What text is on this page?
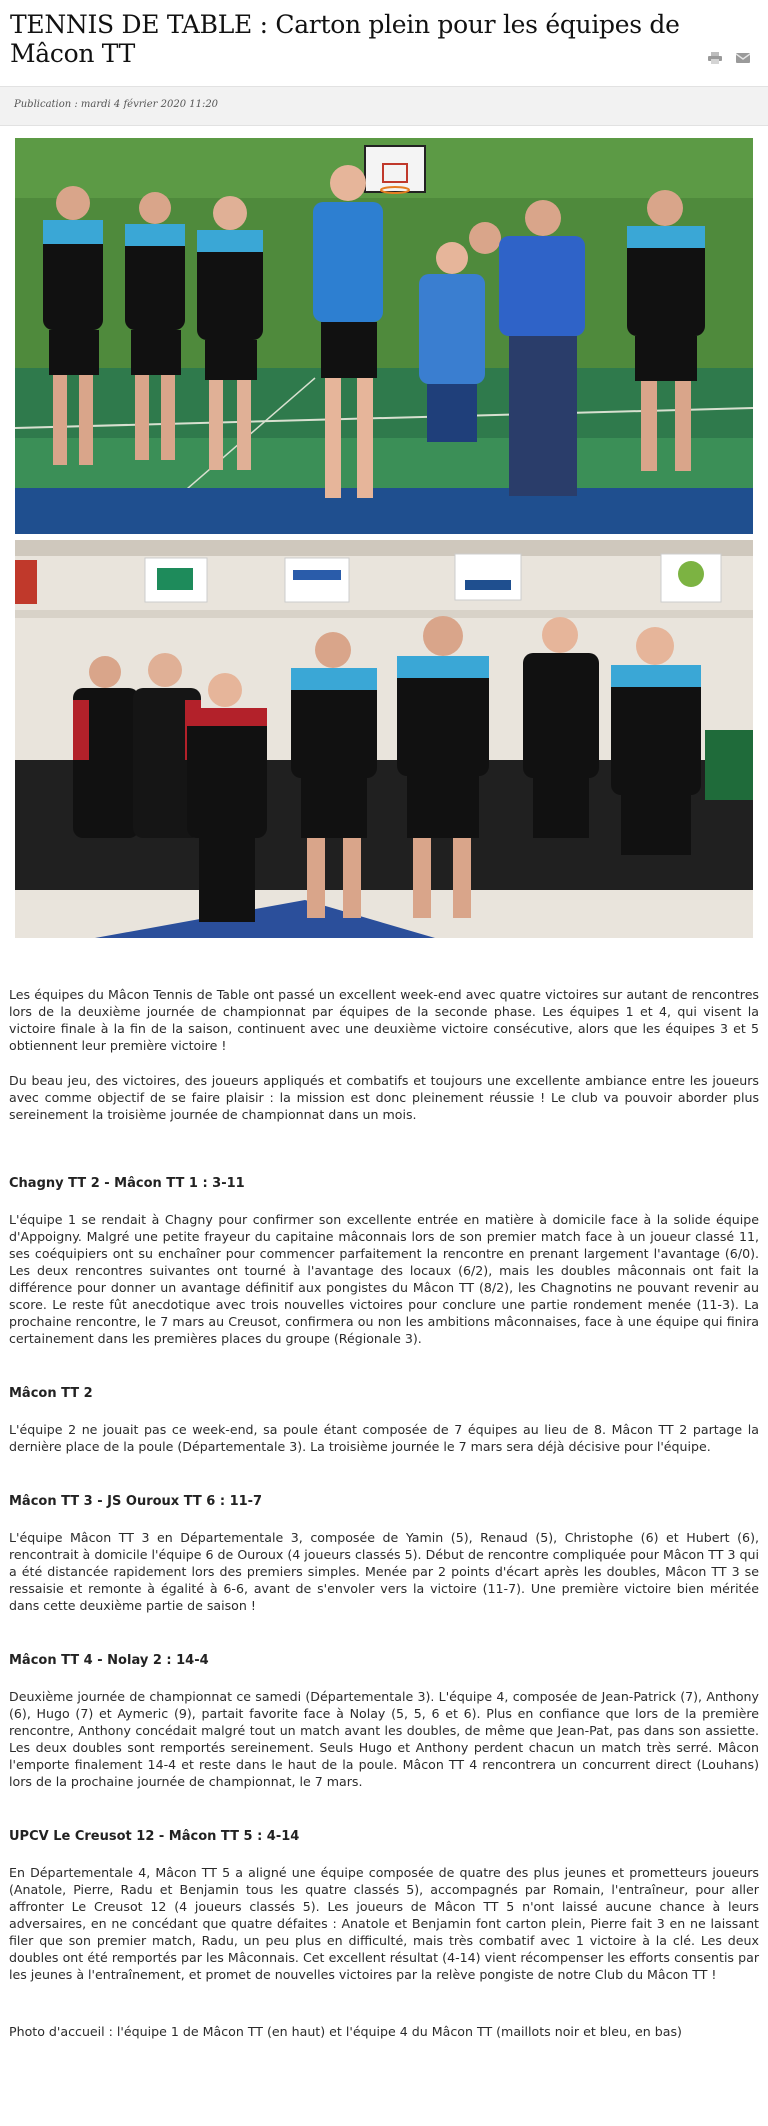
TENNIS DE TABLE : Carton plein pour les équipes de Mâcon TT
Publication : mardi 4 février 2020 11:20

Les équipes du Mâcon Tennis de Table ont passé un excellent week-end avec quatre victoires sur autant de rencontres lors de la deuxième journée de championnat par équipes de la seconde phase. Les équipes 1 et 4, qui visent la victoire finale à la fin de la saison, continuent avec une deuxième victoire consécutive, alors que les équipes 3 et 5 obtiennent leur première victoire !

Du beau jeu, des victoires, des joueurs appliqués et combatifs et toujours une excellente ambiance entre les joueurs avec comme objectif de se faire plaisir : la mission est donc pleinement réussie ! Le club va pouvoir aborder plus sereinement la troisième journée de championnat dans un mois.

Chagny TT 2 - Mâcon TT 1 : 3-11

L'équipe 1 se rendait à Chagny pour confirmer son excellente entrée en matière à domicile face à la solide équipe d'Appoigny. Malgré une petite frayeur du capitaine mâconnais lors de son premier match face à un joueur classé 11, ses coéquipiers ont su enchaîner pour commencer parfaitement la rencontre en prenant largement l'avantage (6/0). Les deux rencontres suivantes ont tourné à l'avantage des locaux (6/2), mais les doubles mâconnais ont fait la différence pour donner un avantage définitif aux pongistes du Mâcon TT (8/2), les Chagnotins ne pouvant revenir au score. Le reste fût anecdotique avec trois nouvelles victoires pour conclure une partie rondement menée (11-3). La prochaine rencontre, le 7 mars au Creusot, confirmera ou non les ambitions mâconnaises, face à une équipe qui finira certainement dans les premières places du groupe (Régionale 3).

Mâcon TT 2

L'équipe 2 ne jouait pas ce week-end, sa poule étant composée de 7 équipes au lieu de 8. Mâcon TT 2 partage la dernière place de la poule (Départementale 3). La troisième journée le 7 mars sera déjà décisive pour l'équipe.

Mâcon TT 3 - JS Ouroux TT 6 : 11-7

L'équipe Mâcon TT 3 en Départementale 3, composée de Yamin (5), Renaud (5), Christophe (6) et Hubert (6), rencontrait à domicile l'équipe 6 de Ouroux (4 joueurs classés 5). Début de rencontre compliquée pour Mâcon TT 3 qui a été distancée rapidement lors des premiers simples. Menée par 2 points d'écart après les doubles, Mâcon TT 3 se ressaisie et remonte à égalité à 6-6, avant de s'envoler vers la victoire (11-7). Une première victoire bien méritée dans cette deuxième partie de saison !

Mâcon TT 4 - Nolay 2 : 14-4

Deuxième journée de championnat ce samedi (Départementale 3). L'équipe 4, composée de Jean-Patrick (7), Anthony (6), Hugo (7) et Aymeric (9), partait favorite face à Nolay (5, 5, 6 et 6). Plus en confiance que lors de la première rencontre, Anthony concédait malgré tout un match avant les doubles, de même que Jean-Pat, pas dans son assiette. Les deux doubles sont remportés sereinement. Seuls Hugo et Anthony perdent chacun un match très serré. Mâcon l'emporte finalement 14-4 et reste dans le haut de la poule. Mâcon TT 4 rencontrera un concurrent direct (Louhans) lors de la prochaine journée de championnat, le 7 mars.

UPCV Le Creusot 12 - Mâcon TT 5 : 4-14

En Départementale 4, Mâcon TT 5 a aligné une équipe composée de quatre des plus jeunes et prometteurs joueurs (Anatole, Pierre, Radu et Benjamin tous les quatre classés 5), accompagnés par Romain, l'entraîneur, pour aller affronter Le Creusot 12 (4 joueurs classés 5). Les joueurs de Mâcon TT 5 n'ont laissé aucune chance à leurs adversaires, en ne concédant que quatre défaites : Anatole et Benjamin font carton plein, Pierre fait 3 en ne laissant filer que son premier match, Radu, un peu plus en difficulté, mais très combatif avec 1 victoire à la clé. Les deux doubles ont été remportés par les Mâconnais. Cet excellent résultat (4-14) vient récompenser les efforts consentis par les jeunes à l'entraînement, et promet de nouvelles victoires par la relève pongiste de notre Club du Mâcon TT !

Photo d'accueil : l'équipe 1 de Mâcon TT (en haut) et l'équipe 4 du Mâcon TT (maillots noir et bleu, en bas)
